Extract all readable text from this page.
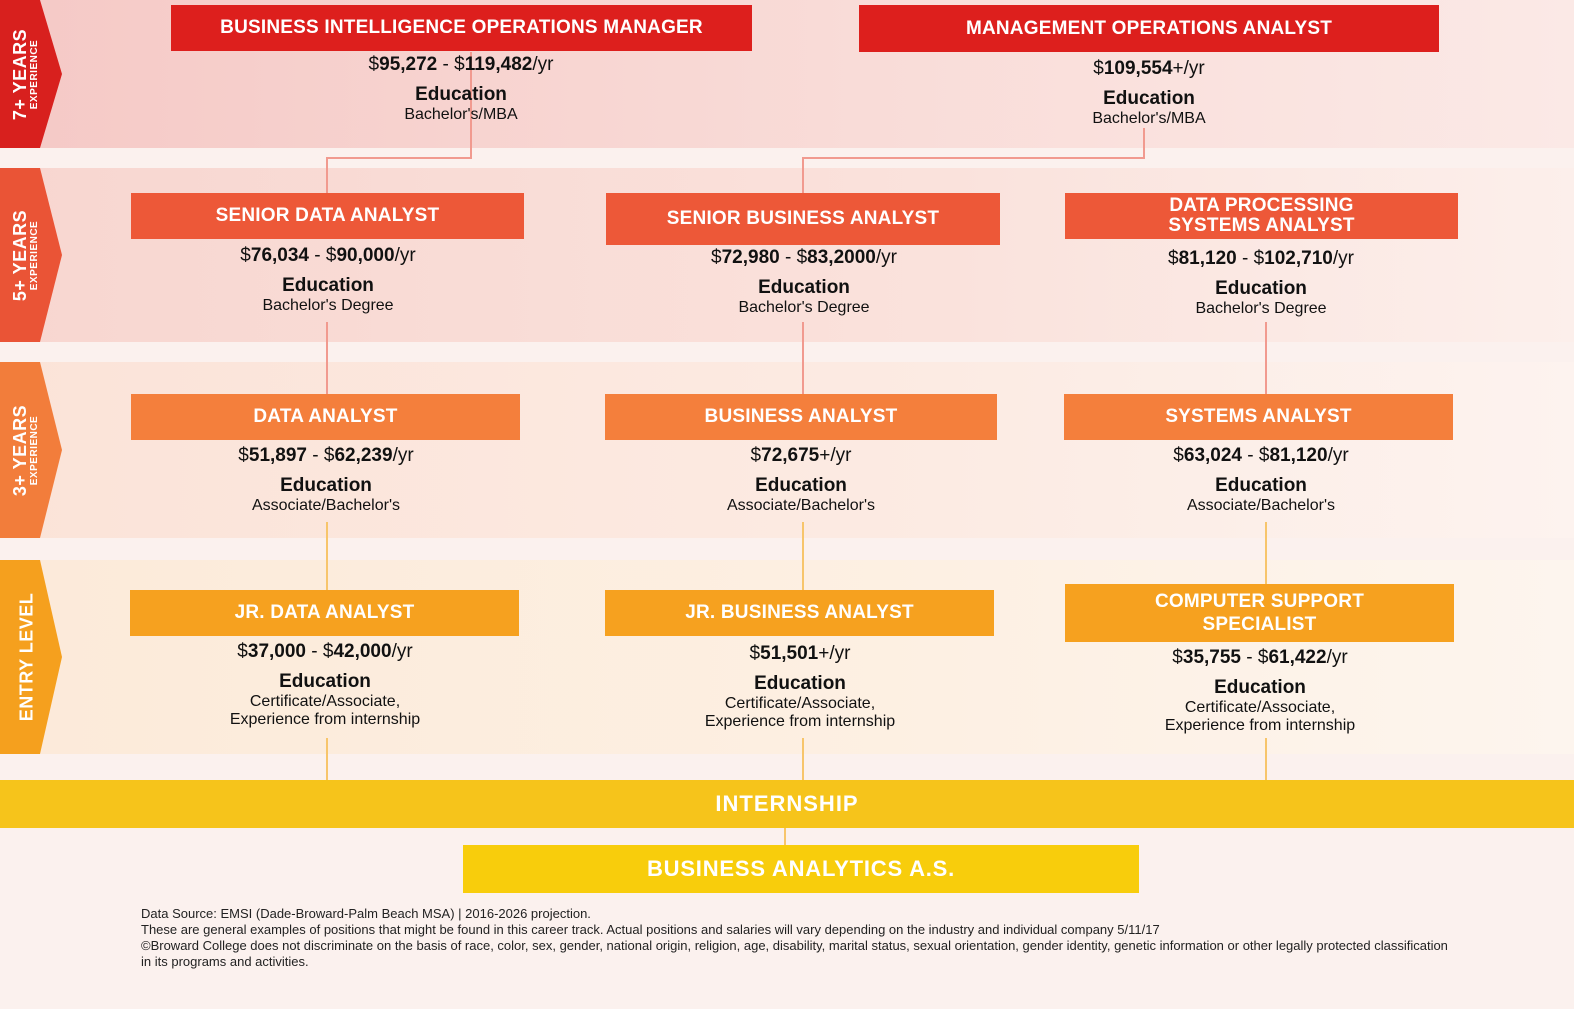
7+ YEARS EXPERIENCE
5+ YEARS EXPERIENCE
3+ YEARS EXPERIENCE
ENTRY LEVEL
BUSINESS INTELLIGENCE OPERATIONS MANAGER
$95,272 - $119,482/yr
Education
Bachelor's/MBA
MANAGEMENT OPERATIONS ANALYST
$109,554+/yr
Education
Bachelor's/MBA
SENIOR DATA ANALYST
$76,034 - $90,000/yr
Education
Bachelor's Degree
SENIOR BUSINESS ANALYST
$72,980 - $83,2000/yr
Education
Bachelor's Degree
DATA PROCESSING
SYSTEMS ANALYST
$81,120 - $102,710/yr
Education
Bachelor's Degree
DATA ANALYST
$51,897 - $62,239/yr
Education
Associate/Bachelor's
BUSINESS ANALYST
$72,675+/yr
Education
Associate/Bachelor's
SYSTEMS ANALYST
$63,024 - $81,120/yr
Education
Associate/Bachelor's
JR. DATA ANALYST
$37,000 - $42,000/yr
Education
Certificate/Associate,
Experience from internship
JR. BUSINESS ANALYST
$51,501+/yr
Education
Certificate/Associate,
Experience from internship
COMPUTER SUPPORT
SPECIALIST
$35,755 - $61,422/yr
Education
Certificate/Associate,
Experience from internship
INTERNSHIP
BUSINESS ANALYTICS A.S.
Data Source: EMSI (Dade-Broward-Palm Beach MSA) | 2016-2026 projection.
These are general examples of positions that might be found in this career track. Actual positions and salaries will vary depending on the industry and individual company 5/11/17
©Broward College does not discriminate on the basis of race, color, sex, gender, national origin, religion, age, disability, marital status, sexual orientation, gender identity, genetic information or other legally protected classification in its programs and activities.
